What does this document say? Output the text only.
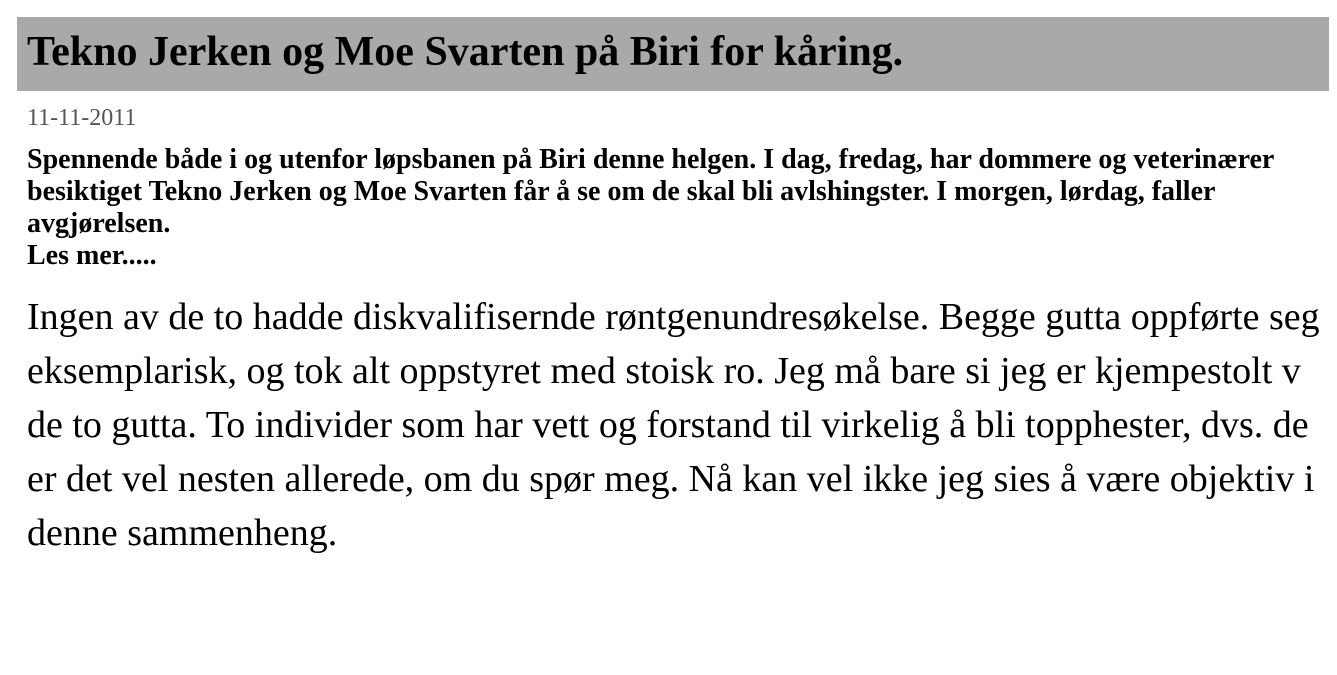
Tekno Jerken og Moe Svarten på Biri for kåring.
11-11-2011

Spennende både i og utenfor løpsbanen på Biri denne helgen. I dag, fredag, har dommere og veterinærer besiktiget Tekno Jerken og Moe Svarten får å se om de skal bli avlshingster. I morgen, lørdag, faller avgjørelsen.

Les mer.....
Ingen av de to hadde diskvalifisernde røntgenundresøkelse. Begge gutta oppførte seg eksemplarisk, og tok alt oppstyret med stoisk ro. Jeg må bare si jeg er kjempestolt v de to gutta. To individer som har vett og forstand til virkelig å bli topphester, dvs. de er det vel nesten allerede, om du spør meg. Nå kan vel ikke jeg sies å være objektiv i denne sammenheng.
